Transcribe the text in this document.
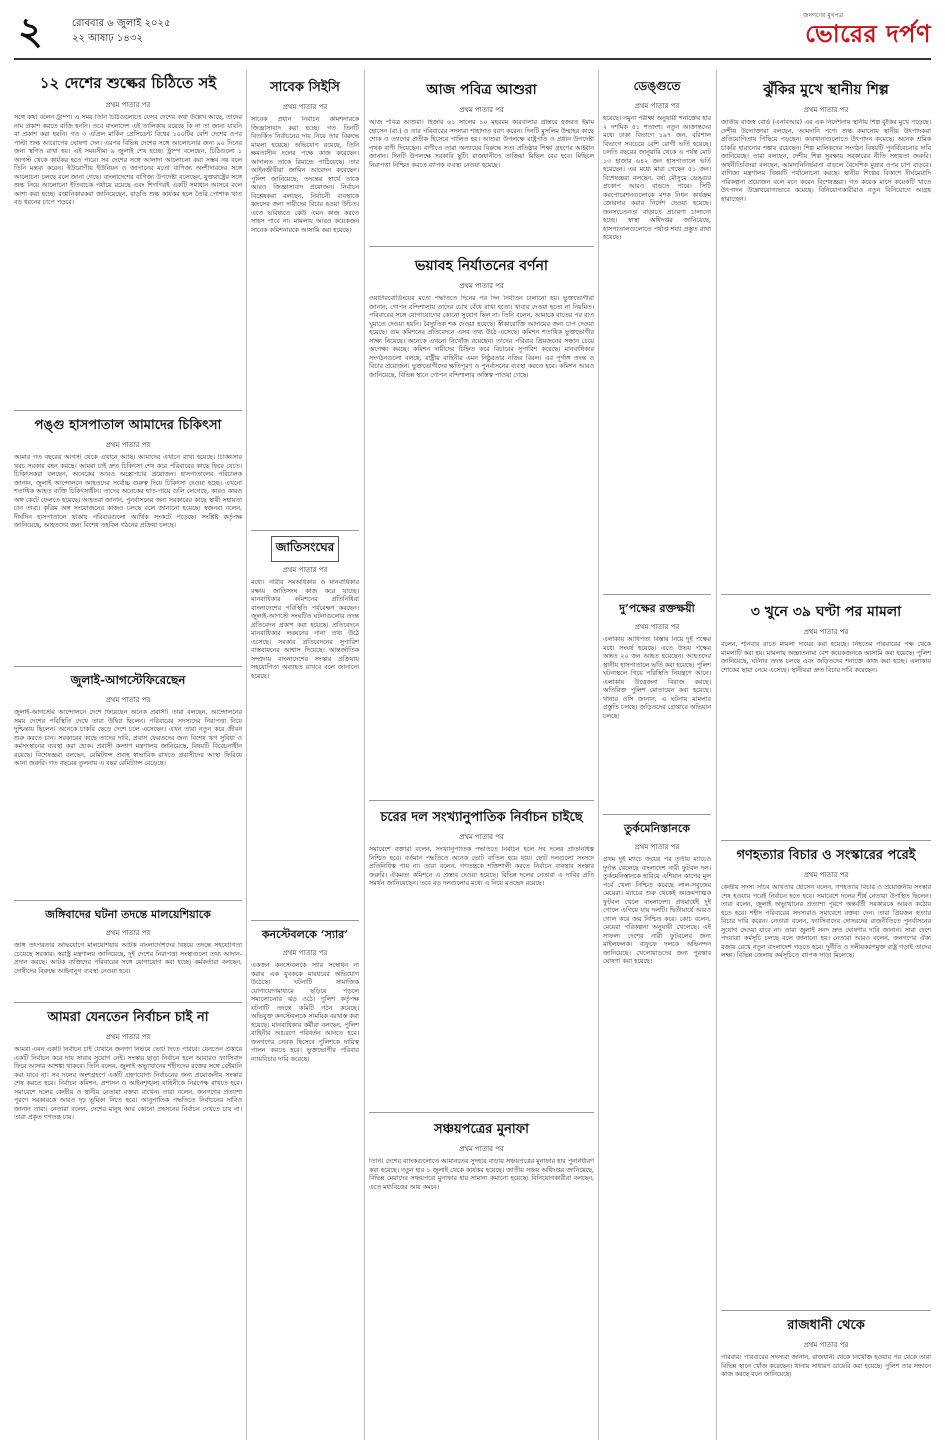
২	রোববার ৬ জুলাই ২০২৫
২২ আষাঢ় ১৪৩২
জনগণের মুখপত্র
ভোরের দর্পণ
১২ দেশের শুল্কের চিঠিতে সই
প্রথম পাতার পর
সঙ্গে কথা বলেন ট্রাম্প। এ সময় তিনি চিঠিগুলোতে যেসব দেশের কথা উল্লেখ আছে, তাদের নাম প্রকাশ করতে রাজি হননি। তবে বাংলাদেশ এই তালিকায় রয়েছে কি না তা জানা যায়নি বা প্রকাশ করা হয়নি। গত ৩ এপ্রিল মার্কিন প্রেসিডেন্ট বিশ্বের ১০০টির বেশি দেশের ওপর পাল্টা শুল্ক আরোপের ঘোষণা দেন। এরপর বিভিন্ন দেশের সঙ্গে আলোচনার জন্য ৯০ দিনের জন্য স্থগিত রাখা হয়। এই সময়সীমা ৯ জুলাই শেষ হচ্ছে। ট্রাম্প বলেছেন, চিঠিগুলো ১ আগস্ট থেকে কার্যকর হতে পারে। সব দেশের সঙ্গে আলাদা আলোচনা করা সম্ভব নয় বলে তিনি মন্তব্য করেন। ইউরোপীয় ইউনিয়ন ও জাপানের মতো বাণিজ্য অংশীদারদের সঙ্গে আলোচনা চলছে বলে জানা গেছে। বাংলাদেশের বাণিজ্য উপদেষ্টা বলেছেন, যুক্তরাষ্ট্রের সঙ্গে শুল্ক নিয়ে আলোচনা ইতিবাচক পর্যায়ে রয়েছে এবং শিগগিরই একটি সমাধান আসবে বলে আশা করা হচ্ছে। রপ্তানিকারকরা জানিয়েছেন, বাড়তি শুল্ক কার্যকর হলে তৈরি পোশাক খাত বড় ধরনের চাপে পড়বে।
পঙ্গু হাসপাতাল আমাদের চিকিৎসা
প্রথম পাতার পর
আমার গত বছরের আগস্ট থেকে এখানে আছি। আমাদের এখানে রাখা হয়েছে। চিকিৎসার খরচ সরকার বহন করছে। আমরা চাই দ্রুত চিকিৎসা শেষ করে পরিবারের কাছে ফিরে যেতে। চিকিৎসকরা বলছেন, অনেকের আরও অস্ত্রোপচার প্রয়োজন। হাসপাতালের পরিচালক জানান, জুলাই আন্দোলনে আহতদের সর্বোচ্চ গুরুত্ব দিয়ে চিকিৎসা দেওয়া হচ্ছে। এখনো শতাধিক আহত ব্যক্তি চিকিৎসাধীন। তাদের অনেকের হাত-পায়ে গুলি লেগেছে, কারও কারও অঙ্গ কেটে ফেলতে হয়েছে। আহতরা জানান, পুনর্বাসনের জন্য সরকারের কাছে স্থায়ী সহায়তা চান তারা। কৃত্রিম অঙ্গ সংযোজনের কাজও চলছে বলে জানানো হয়েছে। স্বজনরা বলেন, দীর্ঘদিন হাসপাতালে থাকায় পরিবারগুলো আর্থিক সংকটে পড়েছে। সংশ্লিষ্ট কর্তৃপক্ষ জানিয়েছে, আহতদের জন্য বিশেষ তহবিল গঠনের প্রক্রিয়া চলছে।
জুলাই-আগস্টেফিরেছেন
প্রথম পাতার পর
জুলাই-আগস্টের আন্দোলনে দেশে ফিরেছেন অনেক প্রবাসী। তারা বলছেন, আন্দোলনের সময় দেশের পরিস্থিতি দেখে তারা উদ্বিগ্ন ছিলেন। পরিবারের সদস্যদের নিরাপত্তা নিয়ে দুশ্চিন্তায় ছিলেন। অনেকে চাকরি ছেড়ে দেশে চলে এসেছেন। এখন তারা নতুন করে জীবন শুরু করতে চান। সরকারের কাছে তাদের দাবি, প্রবাস ফেরতদের জন্য বিশেষ ঋণ সুবিধা ও কর্মসংস্থানের ব্যবস্থা করা হোক। প্রবাসী কল্যাণ মন্ত্রণালয় জানিয়েছে, বিষয়টি বিবেচনাধীন রয়েছে। বিশেষজ্ঞরা বলছেন, রেমিট্যান্স প্রবাহ স্বাভাবিক রাখতে প্রবাসীদের আস্থা ফিরিয়ে আনা জরুরি। গত বছরের তুলনায় এ বছর রেমিট্যান্স বেড়েছে।
জঙ্গিবাদের ঘটনা তদন্তে মালয়েশিয়াকে
প্রথম পাতার পর
জঙ্গি তৎপরতার অভিযোগে মালয়েশিয়ায় আটক বাংলাদেশিদের বিষয়ে তদন্তে সহযোগিতা চেয়েছে সরকার। স্বরাষ্ট্র মন্ত্রণালয় জানিয়েছে, দুই দেশের নিরাপত্তা সংস্থাগুলো তথ্য আদান-প্রদান করছে। আটক ব্যক্তিদের পরিবারের সঙ্গে যোগাযোগ করা হচ্ছে। কর্মকর্তারা বলছেন, দোষীদের বিরুদ্ধে আইনানুগ ব্যবস্থা নেওয়া হবে।
আমরা যেনতেন নির্বাচন চাই না
প্রথম পাতার পর
আমরা এমন একটি নির্বাচন চাই যেখানে জনগণ নির্ভয়ে ভোট দিতে পারবে। যেনতেন প্রকারে একটি নির্বাচন করে দায় সারার সুযোগ নেই। সংস্কার ছাড়া নির্বাচন হলে আবারও ফ্যাসিবাদ ফিরে আসার আশঙ্কা থাকবে। তিনি বলেন, জুলাই অভ্যুত্থানের শহীদদের রক্তের সঙ্গে বেইমানি করা যাবে না। সব দলের অংশগ্রহণে একটি গ্রহণযোগ্য নির্বাচনের জন্য প্রয়োজনীয় সংস্কার শেষ করতে হবে। নির্বাচন কমিশন, প্রশাসন ও আইনশৃঙ্খলা বাহিনীকে নিরপেক্ষ রাখতে হবে। সমাবেশে দলের কেন্দ্রীয় ও স্থানীয় নেতারা বক্তব্য রাখেন। তারা বলেন, জনগণের প্রত্যাশা পূরণে সরকারকে আরও দৃঢ় ভূমিকা নিতে হবে। আনুপাতিক পদ্ধতিতে নির্বাচনের দাবিও জানান তারা। নেতারা বলেন, দেশের মানুষ আর কোনো প্রহসনের নির্বাচন দেখতে চায় না। তারা প্রকৃত গণতন্ত্র চায়।
সাবেক সিইসি
প্রথম পাতার পর
সাবেক প্রধান নির্বাচন কমিশনারকে জিজ্ঞাসাবাদ করা হচ্ছে। গত তিনটি বিতর্কিত নির্বাচনের দায় নিয়ে তার বিরুদ্ধে মামলা হয়েছে। অভিযোগ রয়েছে, তিনি ক্ষমতাসীন দলের পক্ষে কাজ করেছেন। আদালত তাকে রিমান্ডে পাঠিয়েছে। তার আইনজীবীরা জামিন আবেদন করেছেন। পুলিশ জানিয়েছে, তদন্তের স্বার্থে তাকে আরও জিজ্ঞাসাবাদ প্রয়োজন। নির্বাচন বিশ্লেষকরা বলছেন, নির্বাচনী ব্যবস্থাকে ধ্বংসের জন্য দায়ীদের বিচার হওয়া উচিত। এতে ভবিষ্যতে কেউ এমন কাজ করতে সাহস পাবে না। মামলায় আরও কয়েকজন সাবেক কমিশনারকে আসামি করা হয়েছে।
জাতিসংঘের
প্রথম পাতার পর
মধ্যে। নারীর সমঅধিকার ও মানবাধিকার রক্ষায় জাতিসংঘ কাজ করে যাচ্ছে। মানবাধিকার কমিশনের প্রতিনিধিরা বাংলাদেশের পরিস্থিতি পর্যবেক্ষণ করছেন। জুলাই-আগস্টে সংঘটিত ঘটনাগুলোর তদন্ত প্রতিবেদন প্রকাশ করা হয়েছে। প্রতিবেদনে মানবাধিকার লঙ্ঘনের নানা তথ্য উঠে এসেছে। সরকার প্রতিবেদনের সুপারিশ বাস্তবায়নের আশ্বাস দিয়েছে। আন্তর্জাতিক সম্প্রদায় বাংলাদেশের সংস্কার প্রক্রিয়ায় সহযোগিতা অব্যাহত রাখবে বলে জানানো হয়েছে।
কনস্টেবলকে ‘স্যার’
প্রথম পাতার পর
একজন কনস্টেবলকে স্যার সম্বোধন না করায় এক যুবককে মারধরের অভিযোগ উঠেছে। ঘটনাটি সামাজিক যোগাযোগমাধ্যমে ছড়িয়ে পড়লে সমালোচনার ঝড় ওঠে। পুলিশ কর্তৃপক্ষ ঘটনাটি তদন্তে কমিটি গঠন করেছে। অভিযুক্ত কনস্টেবলকে সাময়িক বরখাস্ত করা হয়েছে। মানবাধিকার কর্মীরা বলছেন, পুলিশ বাহিনীর আচরণে পরিবর্তন আনতে হবে। জনগণের সেবক হিসেবে পুলিশকে দায়িত্ব পালন করতে হবে। ভুক্তভোগীর পরিবার ন্যায়বিচার দাবি করেছে।
আজ পবিত্র আশুরা
প্রথম পাতার পর
আজ পবিত্র আশুরা। হিজরি ৬১ সালের ১০ মহররম কারবালার প্রান্তরে হজরত ইমাম হোসেন (রা.) ও তার পরিবারের সদস্যরা শাহাদাত বরণ করেন। দিনটি মুসলিম উম্মাহর কাছে শোক ও ত্যাগের প্রতীক হিসেবে পালিত হয়। আশুরা উপলক্ষে রাষ্ট্রপতি ও প্রধান উপদেষ্টা পৃথক বাণী দিয়েছেন। বাণীতে তারা অন্যায়ের বিরুদ্ধে সত্য প্রতিষ্ঠার শিক্ষা গ্রহণের আহ্বান জানান। দিনটি উপলক্ষে সরকারি ছুটি। রাজধানীতে তাজিয়া মিছিল বের হবে। মিছিলে নিরাপত্তা নিশ্চিত করতে ব্যাপক ব্যবস্থা নেওয়া হয়েছে।
ভয়াবহ নির্যাতনের বর্ণনা
প্রথম পাতার পর
ওয়াটারবোর্ডিংয়ের মতো পদ্ধতিতে দিনের পর দিন নির্যাতন চালানো হয়। ভুক্তভোগীরা জানান, গোপন বন্দিশালায় তাদের চোখ বেঁধে রাখা হতো। খাবার দেওয়া হতো না নিয়মিত। পরিবারের সঙ্গে যোগাযোগের কোনো সুযোগ ছিল না। তিনি বলেন, আমাকে রাতের পর রাত ঘুমাতে দেওয়া হয়নি। বৈদ্যুতিক শক দেওয়া হয়েছে। স্বীকারোক্তি আদায়ের জন্য চাপ দেওয়া হয়েছে। গুম কমিশনের প্রতিবেদনে এসব তথ্য উঠে এসেছে। কমিশন শতাধিক ভুক্তভোগীর সাক্ষ্য নিয়েছে। অনেকে এখনো নিখোঁজ রয়েছেন। তাদের পরিবার প্রিয়জনের সন্ধান চেয়ে অপেক্ষা করছে। কমিশন দায়ীদের চিহ্নিত করে বিচারের সুপারিশ করেছে। মানবাধিকার সংগঠনগুলো বলছে, রাষ্ট্রীয় বাহিনীর এমন নিষ্ঠুরতার নজির বিরল। এর পূর্ণাঙ্গ তদন্ত ও বিচার প্রয়োজন। ভুক্তভোগীদের ক্ষতিপূরণ ও পুনর্বাসনের ব্যবস্থা করতে হবে। কমিশন আরও জানিয়েছে, বিভিন্ন স্থানে গোপন বন্দিশালার অস্তিত্ব পাওয়া গেছে।
চরের দল সংখ্যানুপাতিক নির্বাচন চাইছে
প্রথম পাতার পর
সমাবেশে বক্তারা বলেন, সংখ্যানুপাতিক পদ্ধতিতে নির্বাচন হলে সব দলের প্রতিনিধিত্ব নিশ্চিত হবে। বর্তমান পদ্ধতিতে অনেক ভোট বাতিল হয়ে যায়। ছোট দলগুলো সংসদে প্রতিনিধিত্ব পায় না। তারা বলেন, গণতন্ত্রকে শক্তিশালী করতে নির্বাচন ব্যবস্থার সংস্কার জরুরি। ঐকমত্য কমিশনে এ প্রস্তাব দেওয়া হয়েছে। বিভিন্ন দলের নেতারা এ দাবির প্রতি সমর্থন জানিয়েছেন। তবে বড় দলগুলোর মধ্যে এ নিয়ে মতভেদ রয়েছে।
সঞ্চয়পত্রের মুনাফা
প্রথম পাতার পর
তিনি। দেশের ব্যাংকগুলোতে আমানতের সুদহার বাড়ায় সঞ্চয়পত্রের মুনাফার হার পুনর্নির্ধারণ করা হয়েছে। নতুন হার ১ জুলাই থেকে কার্যকর হয়েছে। জাতীয় সঞ্চয় অধিদপ্তর জানিয়েছে, বিভিন্ন মেয়াদের সঞ্চয়পত্রে মুনাফার হার সামান্য কমানো হয়েছে। বিনিয়োগকারীরা বলছেন, এতে মধ্যবিত্তের আয় কমবে।
ডেঙ্গুতে
প্রথম পাতার পর
হয়েছে। নমুনা পরীক্ষা অনুযায়ী শনাক্তের হার ২ দশমিক ৫১ শতাংশ। নতুন আক্রান্তদের মধ্যে ঢাকা বিভাগে ১৯৭ জন, বরিশাল বিভাগে সবচেয়ে বেশি রোগী ভর্তি হয়েছে। চলতি বছরের জানুয়ারি থেকে এ পর্যন্ত মোট ১৩ হাজার ৬৪২ জন হাসপাতালে ভর্তি হয়েছেন। এর মধ্যে মারা গেছেন ৫১ জন। বিশেষজ্ঞরা বলছেন, বর্ষা মৌসুমে ডেঙ্গুর প্রকোপ আরও বাড়তে পারে। সিটি করপোরেশনগুলোকে মশক নিধন কার্যক্রম জোরদার করার নির্দেশ দেওয়া হয়েছে। জনসচেতনতা বাড়াতে প্রচারণা চালানো হচ্ছে। স্বাস্থ্য অধিদপ্তর জানিয়েছে, হাসপাতালগুলোতে পর্যাপ্ত শয্যা প্রস্তুত রাখা হয়েছে।
দু’পক্ষের রক্তক্ষয়ী
প্রথম পাতার পর
এলাকায় আধিপত্য বিস্তার নিয়ে দুই পক্ষের মধ্যে সংঘর্ষ হয়েছে। এতে উভয় পক্ষের অন্তত ২০ জন আহত হয়েছেন। আহতদের স্থানীয় হাসপাতালে ভর্তি করা হয়েছে। পুলিশ ঘটনাস্থলে গিয়ে পরিস্থিতি নিয়ন্ত্রণে আনে। এলাকায় উত্তেজনা বিরাজ করছে। অতিরিক্ত পুলিশ মোতায়েন করা হয়েছে। থানার ওসি জানান, এ ঘটনায় মামলার প্রস্তুতি চলছে। জড়িতদের গ্রেপ্তারে অভিযান চলছে।
তুর্কমেনিস্তানকে
প্রথম পাতার পর
প্রথম দুই ম্যাচে জয়ের পর তৃতীয় ম্যাচেও দুর্দান্ত খেলেছে বাংলাদেশ নারী ফুটবল দল। তুর্কমেনিস্তানকে হারিয়ে এশিয়ান কাপের মূল পর্বে খেলা নিশ্চিত করেছে লাল-সবুজের মেয়েরা। ম্যাচের শুরু থেকেই আক্রমণাত্মক ফুটবল খেলে বাংলাদেশ। প্রথমার্ধেই দুই গোলে এগিয়ে যায় দলটি। দ্বিতীয়ার্ধে আরও গোল করে জয় নিশ্চিত করে। কোচ বলেন, মেয়েরা পরিকল্পনা অনুযায়ী খেলেছে। এই সাফল্য দেশের নারী ফুটবলের জন্য মাইলফলক। বাফুফে দলকে অভিনন্দন জানিয়েছে। খেলোয়াড়দের জন্য পুরস্কার ঘোষণা করা হয়েছে।
ঝুঁকির মুখে স্থানীয় শিল্প
প্রথম পাতার পর
জাতীয় রাজস্ব বোর্ড (এনবিআর) এর এক নির্দেশনায় স্থানীয় শিল্প ঝুঁকির মুখে পড়েছে। দেশীয় উদ্যোক্তারা বলছেন, আমদানি পণ্যে শুল্ক কমানোয় স্থানীয় উৎপাদকরা প্রতিযোগিতায় পিছিয়ে পড়ছেন। কারখানাগুলোতে উৎপাদন কমেছে। অনেক শ্রমিক চাকরি হারানোর শঙ্কায় রয়েছেন। শিল্প মালিকদের সংগঠন বিষয়টি পুনর্বিবেচনার দাবি জানিয়েছে। তারা বলছেন, দেশীয় শিল্প সুরক্ষায় সরকারের নীতি সহায়তা জরুরি। অর্থনীতিবিদরা বলছেন, আমদানিনির্ভরতা বাড়লে বৈদেশিক মুদ্রার ওপর চাপ বাড়বে। বাণিজ্য মন্ত্রণালয় বিষয়টি পর্যালোচনা করছে। স্থানীয় শিল্পের বিকাশে দীর্ঘমেয়াদি পরিকল্পনা প্রয়োজন বলে মনে করেন বিশেষজ্ঞরা। গত কয়েক মাসে কয়েকটি খাতে উৎপাদন উল্লেখযোগ্যভাবে কমেছে। বিনিয়োগকারীরাও নতুন বিনিয়োগে আগ্রহ হারাচ্ছেন।
৩ খুনে ৩৯ ঘণ্টা পর মামলা
প্রথম পাতার পর
বলেন, শনিবার রাতে মামলা দায়ের করা হয়েছে। নিহতের পরিবারের পক্ষ থেকে মামলাটি করা হয়। মামলায় অজ্ঞাতনামা বেশ কয়েকজনকে আসামি করা হয়েছে। পুলিশ জানিয়েছে, ঘটনার তদন্ত চলছে এবং জড়িতদের শনাক্তে কাজ করা হচ্ছে। এলাকায় শোকের ছায়া নেমে এসেছে। স্থানীয়রা দ্রুত বিচার দাবি করেছেন।
গণহত্যার বিচার ও সংস্কারের পরেই
প্রথম পাতার পর
কেন্দ্রীয় সদস্য সচিব আখতার হোসেন বলেন, গণহত্যার বিচার ও প্রয়োজনীয় সংস্কার শেষ হওয়ার পরেই নির্বাচন হতে হবে। সমাবেশে দলের শীর্ষ নেতারা উপস্থিত ছিলেন। তারা বলেন, জুলাই অভ্যুত্থানের প্রত্যাশা পূরণে অন্তর্বর্তী সরকারকে আরও কঠোর হতে হবে। শহীদ পরিবারের সদস্যরাও সমাবেশে বক্তব্য দেন। তারা প্রিয়জন হত্যার বিচার দাবি করেন। নেতারা বলেন, ফ্যাসিবাদের দোসরদের রাজনীতিতে পুনর্বাসনের সুযোগ দেওয়া যাবে না। তারা জুলাই সনদ দ্রুত ঘোষণার দাবি জানান। সারা দেশে পদযাত্রা কর্মসূচি চলছে বলে জানানো হয়। নেতারা আরও বলেন, জনগণের ঐক্য বজায় রেখে নতুন বাংলাদেশ গড়তে হবে। দুর্নীতি ও দলীয়করণমুক্ত রাষ্ট্র গড়াই তাদের লক্ষ্য। বিভিন্ন জেলায় কর্মসূচিতে ব্যাপক সাড়া মিলেছে।
রাজধানী থেকে
প্রথম পাতার পর
পরিবার। পরিবারের সদস্যরা জানান, রাজধানী থেকে নিখোঁজ হওয়ার পর থেকে তারা বিভিন্ন স্থানে খোঁজ করেছেন। থানায় সাধারণ ডায়েরি করা হয়েছে। পুলিশ তার সন্ধানে কাজ করছে বলে জানিয়েছে।
